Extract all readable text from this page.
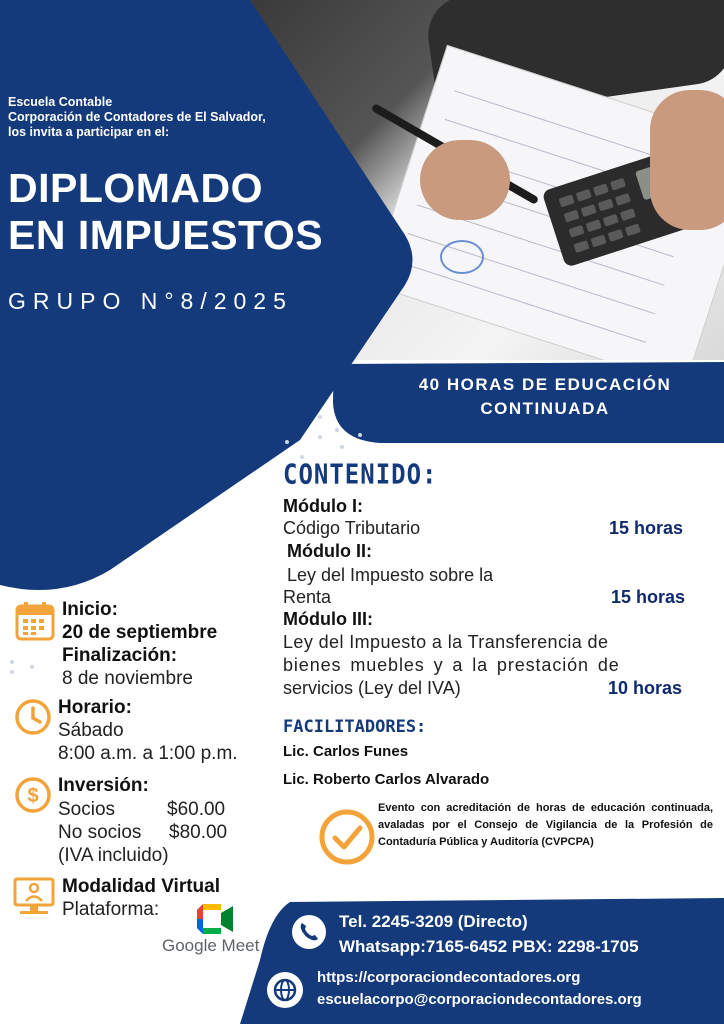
Escuela Contable
Corporación de Contadores de El Salvador,
los invita a participar en el:
DIPLOMADO
EN IMPUESTOS
GRUPO N°8/2025
40 HORAS DE EDUCACIÓN
CONTINUADA
CONTENIDO:
Módulo I:
Código Tributario	15 horas
Módulo II:
Ley del Impuesto sobre la
Renta	15 horas
Módulo III:
Ley del Impuesto a la Transferencia de
bienes muebles y a la prestación de
servicios (Ley del IVA)	10 horas
FACILITADORES:
Lic. Carlos Funes
Lic. Roberto Carlos Alvarado
Evento con acreditación de horas de educación continuada, avaladas por el Consejo de Vigilancia de la Profesión de Contaduría Pública y Auditoría (CVPCPA)
Inicio:
20 de septiembre
Finalización:
8 de noviembre
Horario:
Sábado
8:00 a.m. a 1:00 p.m.
$ Inversión:
Socios	$60.00
No socios $80.00
(IVA incluido)
Modalidad Virtual
Plataforma:
Google Meet
Tel. 2245-3209 (Directo)
Whatsapp:7165-6452 PBX: 2298-1705
https://corporaciondecontadores.org
escuelacorpo@corporaciondecontadores.org
